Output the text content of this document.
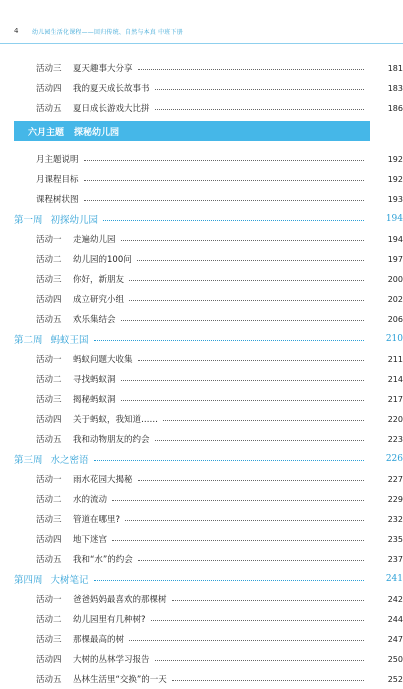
4 幼儿园生活化课程——回归传统、自然与本真 中班下册
活动三	夏天趣事大分享	181
活动四	我的夏天成长故事书	183
活动五	夏日成长游戏大比拼	186
六月主题 探秘幼儿园
月主题说明	192
月课程目标	192
课程树状图	193
第一周 初探幼儿园	194
活动一	走遍幼儿园	194
活动二	幼儿园的100问	197
活动三	你好，新朋友	200
活动四	成立研究小组	202
活动五	欢乐集结会	206
第二周 蚂蚁王国	210
活动一	蚂蚁问题大收集	211
活动二	寻找蚂蚁洞	214
活动三	揭秘蚂蚁洞	217
活动四	关于蚂蚁，我知道……	220
活动五	我和动物朋友的约会	223
第三周 水之密语	226
活动一	雨水花园大揭秘	227
活动二	水的流动	229
活动三	管道在哪里?	232
活动四	地下迷宫	235
活动五	我和“水”的约会	237
第四周 大树笔记	241
活动一	爸爸妈妈最喜欢的那棵树	242
活动二	幼儿园里有几种树?	244
活动三	那棵最高的树	247
活动四	大树的丛林学习报告	250
活动五	丛林生活里“交换”的一天	252
